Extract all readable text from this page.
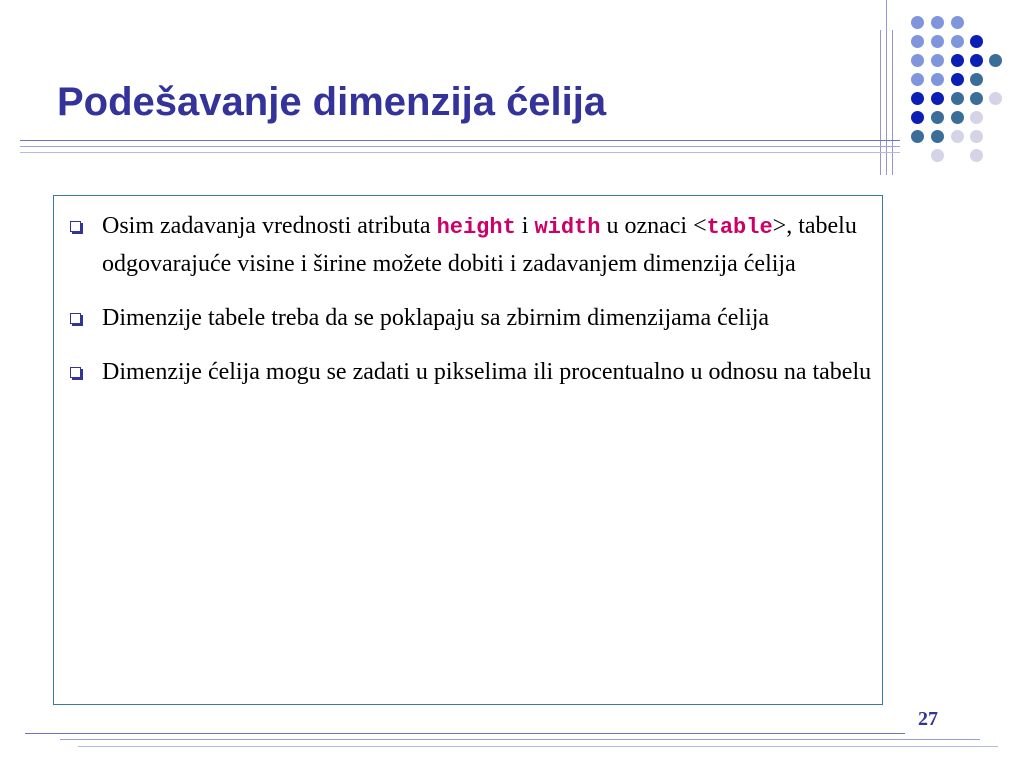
Podešavanje dimenzija ćelija
Osim zadavanja vrednosti atributa height i width u oznaci <table>, tabelu odgovarajuće visine i širine možete dobiti i zadavanjem dimenzija ćelija
Dimenzije tabele treba da se poklapaju sa zbirnim dimenzijama ćelija
Dimenzije ćelija mogu se zadati u pikselima ili procentualno u odnosu na tabelu
27
